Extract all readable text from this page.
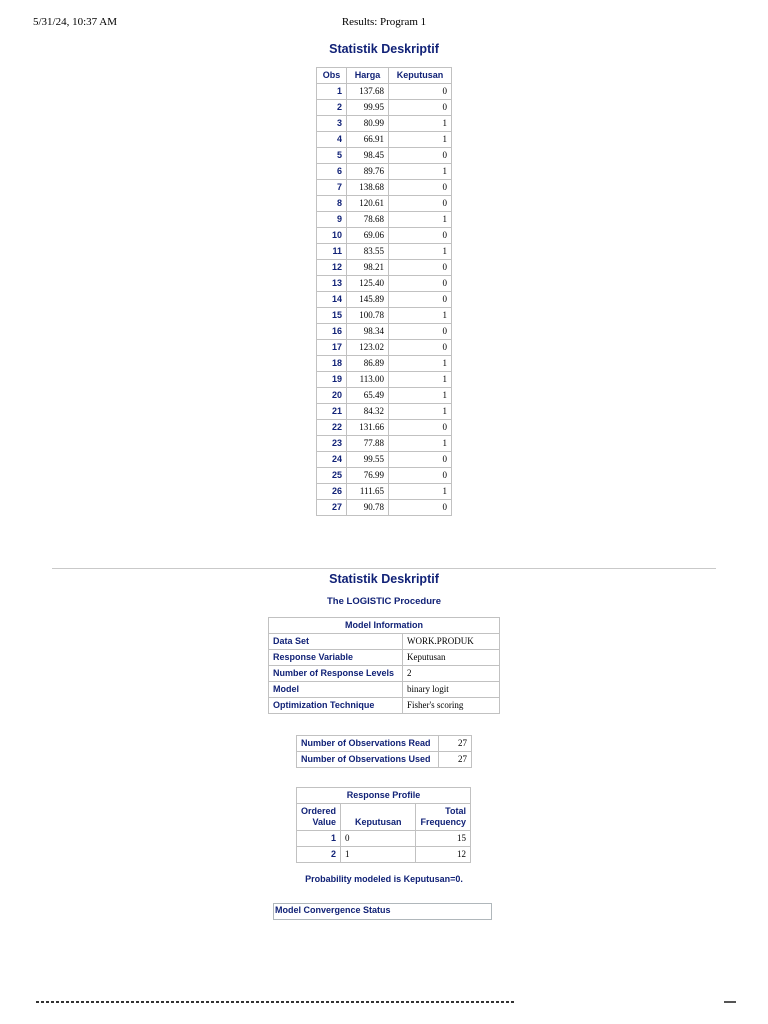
5/31/24, 10:37 AM	Results: Program 1
Statistik Deskriptif
Obs	Harga	Keputusan
1	137.68	0
2	99.95	0
3	80.99	1
4	66.91	1
5	98.45	0
6	89.76	1
7	138.68	0
8	120.61	0
9	78.68	1
10	69.06	0
11	83.55	1
12	98.21	0
13	125.40	0
14	145.89	0
15	100.78	1
16	98.34	0
17	123.02	0
18	86.89	1
19	113.00	1
20	65.49	1
21	84.32	1
22	131.66	0
23	77.88	1
24	99.55	0
25	76.99	0
26	111.65	1
27	90.78	0
Statistik Deskriptif
The LOGISTIC Procedure
Model Information	
Data Set	WORK.PRODUK
Response Variable	Keputusan
Number of Response Levels	2
Model	binary logit
Optimization Technique	Fisher's scoring
Number of Observations Read	27
Number of Observations Used	27
Response Profile		
Ordered Value	Keputusan	Total Frequency
1	0	15
2	1	12
Probability modeled is Keputusan=0.
Model Convergence Status
